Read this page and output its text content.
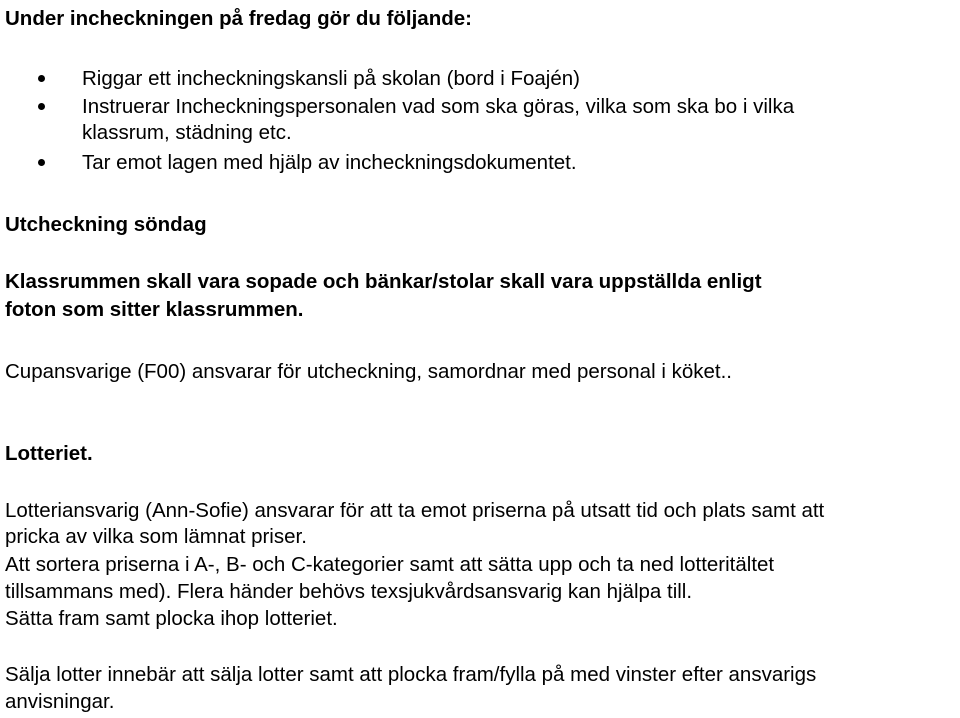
Under incheckningen på fredag gör du följande:
Riggar ett incheckningskansli på skolan (bord i Foajén)
Instruerar Incheckningspersonalen vad som ska göras, vilka som ska bo i vilka
klassrum, städning etc.
Tar emot lagen med hjälp av incheckningsdokumentet.
Utcheckning söndag
Klassrummen skall vara sopade och bänkar/stolar skall vara uppställda enligt
foton som sitter klassrummen.
Cupansvarige (F00) ansvarar för utcheckning, samordnar med personal i köket..
Lotteriet.
Lotteriansvarig (Ann-Sofie) ansvarar för att ta emot priserna på utsatt tid och plats samt att
pricka av vilka som lämnat priser.
Att sortera priserna i A-, B- och C-kategorier samt att sätta upp och ta ned lotteritältet
tillsammans med). Flera händer behövs texsjukvårdsansvarig kan hjälpa till.
Sätta fram samt plocka ihop lotteriet.
Sälja lotter innebär att sälja lotter samt att plocka fram/fylla på med vinster efter ansvarigs
anvisningar.
